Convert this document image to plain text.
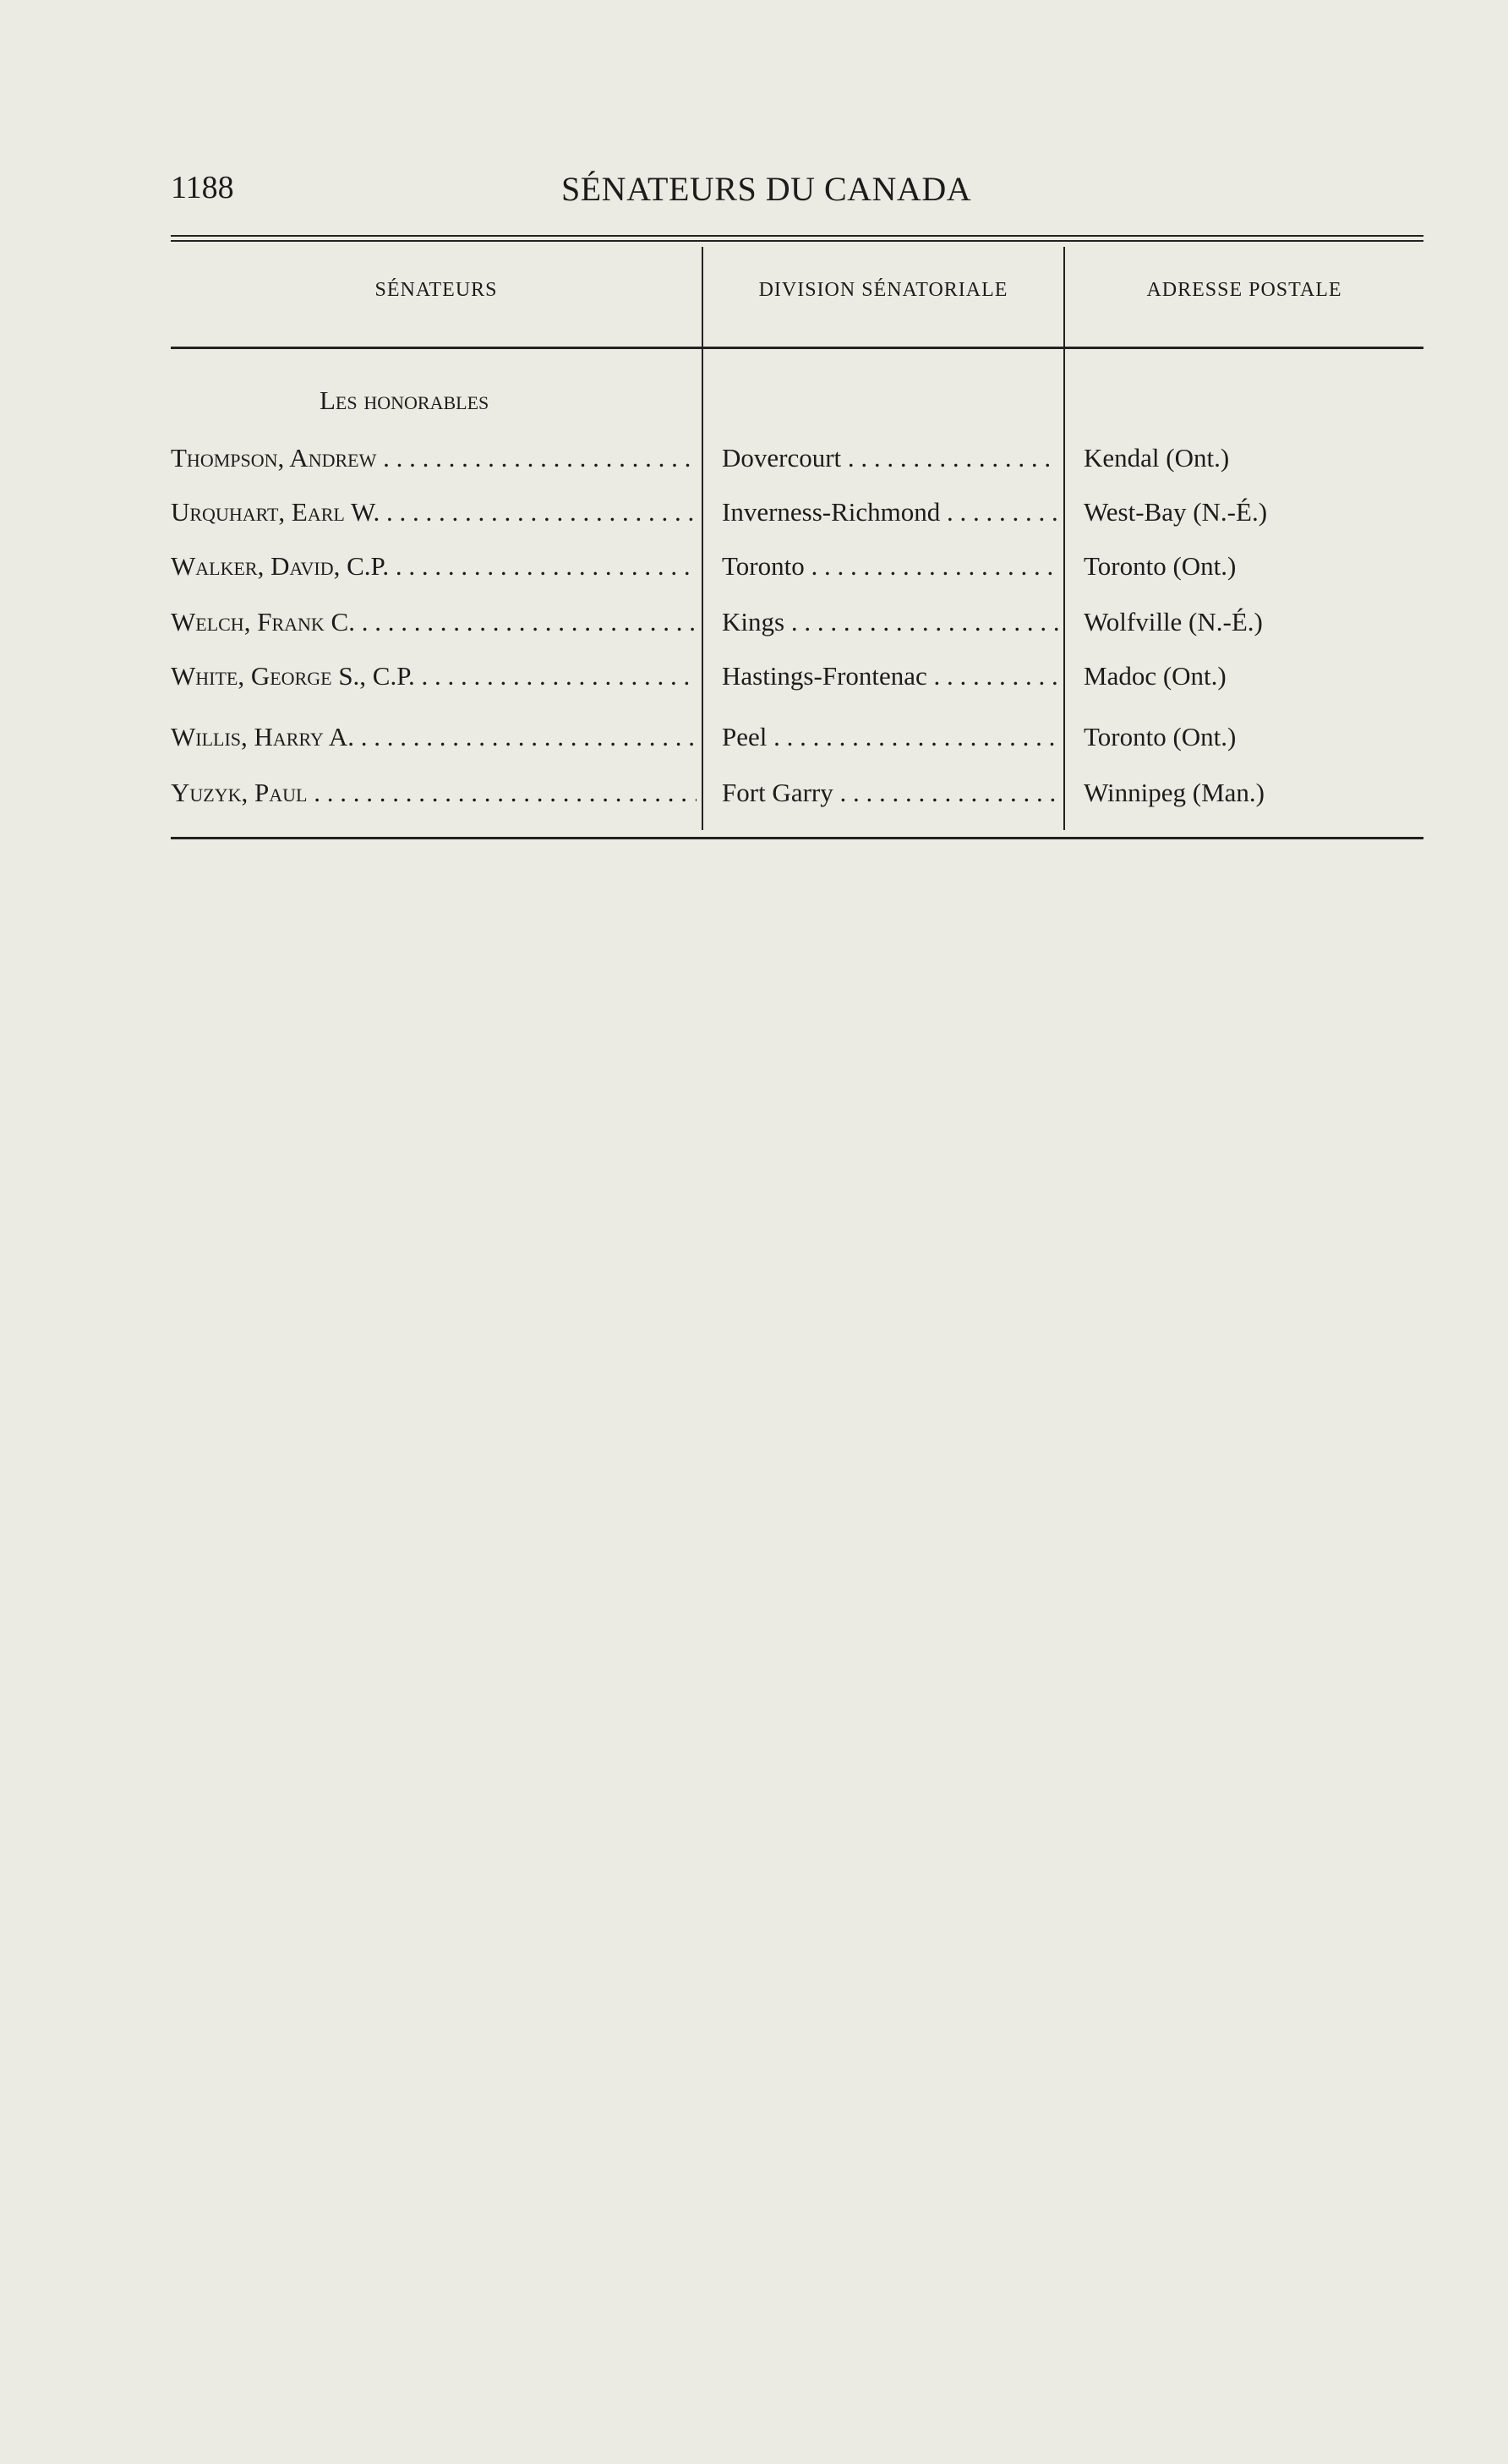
1188	SÉNATEURS DU CANADA
SÉNATEURS	DIVISION SÉNATORIALE	ADRESSE POSTALE
Les honorables
Thompson, Andrew . . .	Dovercourt . . .	Kendal (Ont.)
Urquhart, Earl W. . . .	Inverness-Richmond . . .	West-Bay (N.-É.)
Walker, David, C.P. . . .	Toronto . . .	Toronto (Ont.)
Welch, Frank C. . . .	Kings . . .	Wolfville (N.-É.)
White, George S., C.P. . . .	Hastings-Frontenac . . .	Madoc (Ont.)
Willis, Harry A. . . .	Peel . . .	Toronto (Ont.)
Yuzyk, Paul . . .	Fort Garry . . .	Winnipeg (Man.)
